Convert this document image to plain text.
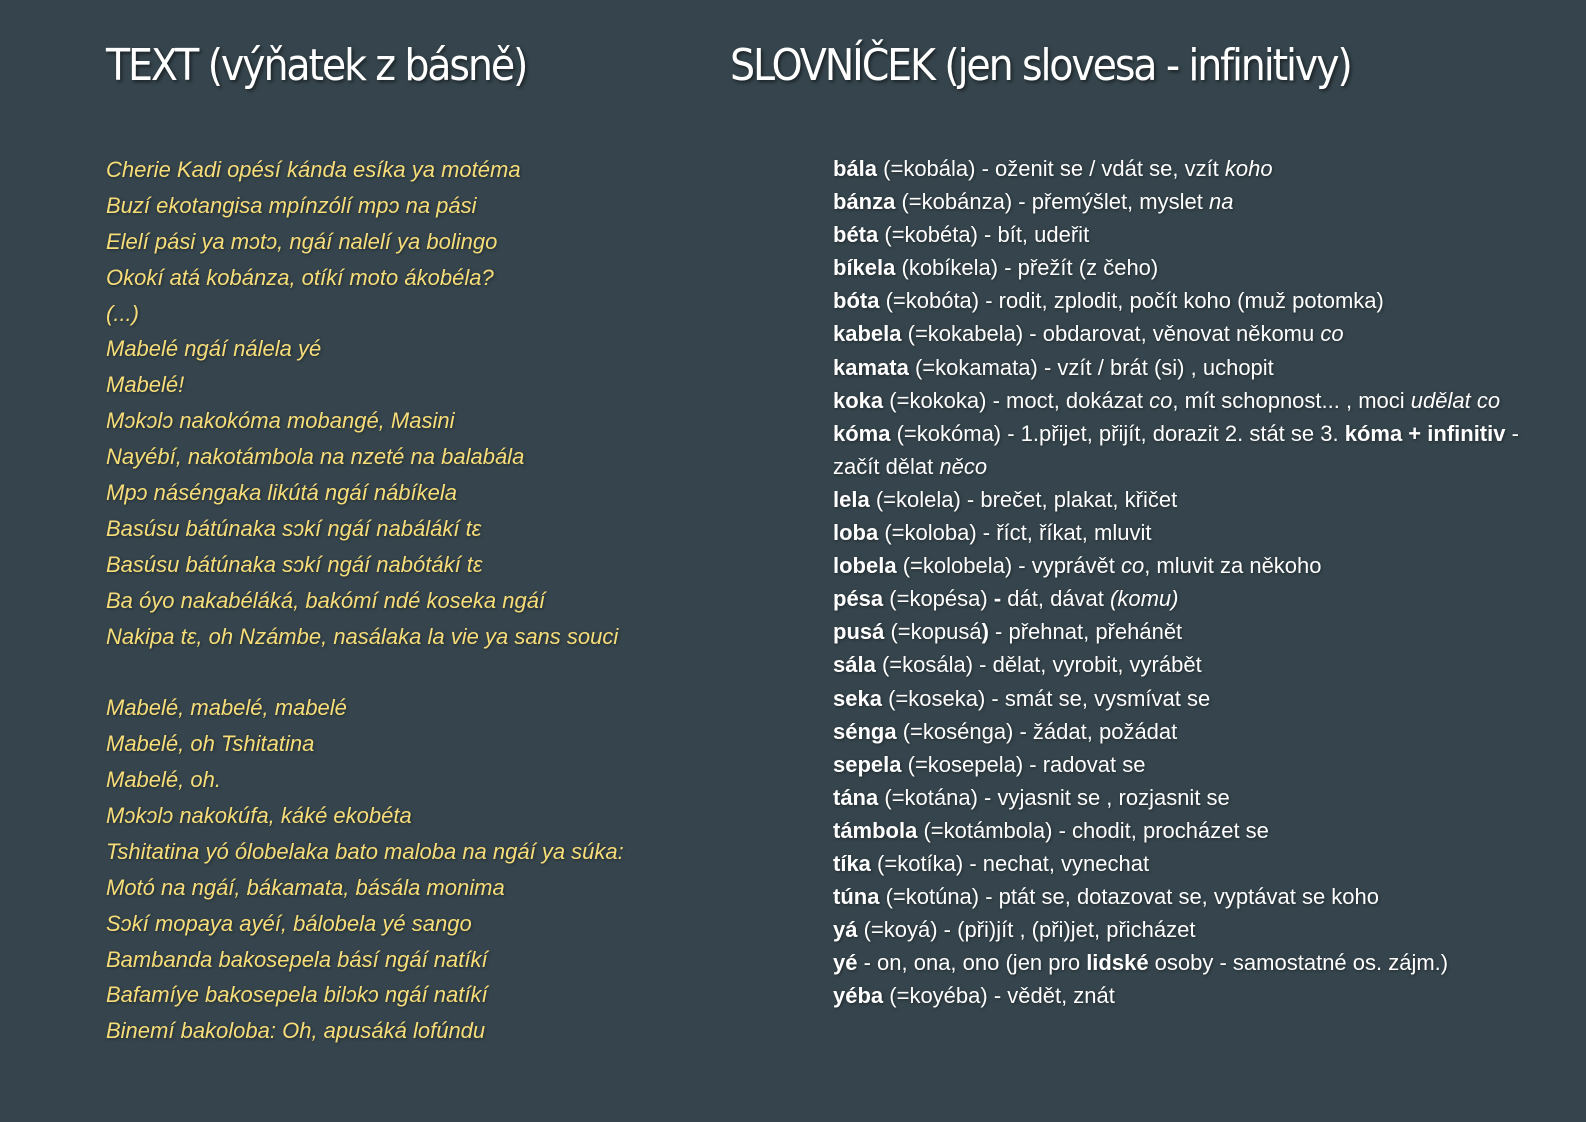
TEXT (výňatek z básně)	SLOVNÍČEK (jen slovesa - infinitivy)
Cherie Kadi opésí kánda esíka ya motéma
Buzí ekotangisa mpínzólí mpɔ na pási
Elelí pási ya mɔtɔ, ngáí nalelí ya bolingo
Okokí atá kobánza, otíkí moto ákobéla?
(...)
Mabelé ngáí nálela yé
Mabelé!
Mɔkɔlɔ nakokóma mobangé, Masini
Nayébí, nakotámbola na nzeté na balabála
Mpɔ náséngaka likútá ngáí nábíkela
Basúsu bátúnaka sɔkí ngáí nabálákí tɛ
Basúsu bátúnaka sɔkí ngáí nabótákí tɛ
Ba óyo nakabéláká, bakómí ndé koseka ngáí
Nakipa tɛ, oh Nzámbe, nasálaka la vie ya sans souci
Mabelé, mabelé, mabelé
Mabelé, oh Tshitatina
Mabelé, oh.
Mɔkɔlɔ nakokúfa, káké ekobéta
Tshitatina yó ólobelaka bato maloba na ngáí ya súka:
Motó na ngáí, bákamata, básála monima
Sɔkí mopaya ayéí, bálobela yé sango
Bambanda bakosepela básí ngáí natíkí
Bafamíye bakosepela bilɔkɔ ngáí natíkí
Binemí bakoloba: Oh, apusáká lofúndu
bála (=kobála) - oženit se / vdát se, vzít koho
bánza (=kobánza) - přemýšlet, myslet na
béta (=kobéta) - bít, udeřit
bíkela (kobíkela) - přežít (z čeho)
bóta (=kobóta) - rodit, zplodit, počít koho (muž potomka)
kabela (=kokabela) - obdarovat, věnovat někomu co
kamata (=kokamata) - vzít / brát (si) , uchopit
koka (=kokoka) - moct, dokázat co, mít schopnost... , moci udělat co
kóma (=kokóma) - 1.přijet, přijít, dorazit 2. stát se 3. kóma + infinitiv - začít dělat něco
lela (=kolela) - brečet, plakat, křičet
loba (=koloba) - říct, říkat, mluvit
lobela (=kolobela) - vyprávět co, mluvit za někoho
pésa (=kopésa) - dát, dávat (komu)
pusá (=kopusá) - přehnat, přehánět
sála (=kosála) - dělat, vyrobit, vyrábět
seka (=koseka) - smát se, vysmívat se
sénga (=kosénga) - žádat, požádat
sepela (=kosepela) - radovat se
tána (=kotána) - vyjasnit se , rozjasnit se
támbola (=kotámbola) - chodit, procházet se
tíka (=kotíka) - nechat, vynechat
túna (=kotúna) - ptát se, dotazovat se, vyptávat se koho
yá (=koyá) - (při)jít , (při)jet, přicházet
yé - on, ona, ono (jen pro lidské osoby - samostatné os. zájm.)
yéba (=koyéba) - vědět, znát
